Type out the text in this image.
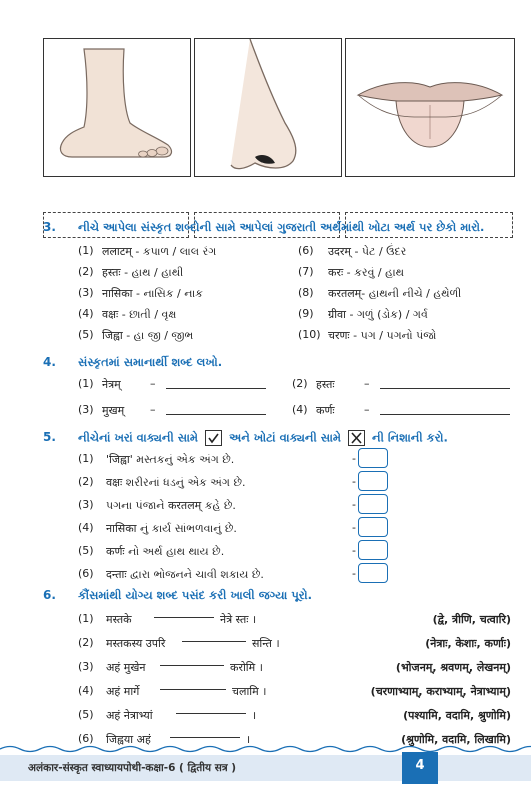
3. નીચે આપેલા સંસ્કૃત શબ્દોની સામે આપેલાં ગુજરાતી અર્થમાંથી ખોટા અર્થ પર છેકો મારો.
(1) ललाटम् - કપાળ / લાલ રંગ	(6) उदरम् - પેટ / ઉંદર
(2) हस्तः - હાથ / હાથી	(7) करः - કરવું / હાથ
(3) नासिका - નાસિક / નાક	(8) करतलम्- હાથની નીચે / હથેળી
(4) वक्षः - છાતી / વૃક્ષ	(9) ग्रीवा - ગળું (ડોક) / ગર્વ
(5) जिह्वा - હા જી / જીભ	(10) चरणः - પગ / પગનો પંજો
4. સંસ્કૃતમાં સમાનાર્થી શબ્દ લખો.
(1) नेत्रम्	–	(2) हस्तः	–
(3) मुखम् –	(4) कर्णः	–
5. નીચેનાં ખરાં વાક્યની સામે	અને ખોટાં વાક્યની સામે	ની નિશાની કરો.
(1) 'जिह्वा' મસ્તકનું એક અંગ છે.	-
(2) वक्षः શરીરનાં ધડનું એક અંગ છે.	-
(3) પગના પંજાને करतलम् કહે છે.	-
(4) नासिका નું કાર્ય સાંભળવાનું છે.	-
(5) कर्णः નો અર્થ હાથ થાય છે.	-
(6) दन्ताः દ્વારા ભોજનને ચાવી શકાય છે.	-
6. કૌંસમાંથી યોગ્ય શબ્દ પસંદ કરી ખાલી જગ્યા પૂરો.
(1) मस्तके	नेत्रे स्तः ।	(द्वे, त्रीणि, चत्वारि)
(2) मस्तकस्य उपरि	सन्ति ।	(नेत्राः, केशाः, कर्णाः)
(3) अहं मुखेन	करोमि ।	(भोजनम्, श्रवणम्, लेखनम्)
(4) अहं मार्गे	चलामि ।	(चरणाभ्याम्, कराभ्याम्, नेत्राभ्याम्)
(5) अहं नेत्राभ्यां	।	(पश्यामि, वदामि, श्रुणोमि)
(6) जिह्वया अहं	।	(श्रुणोमि, वदामि, लिखामि)
अलंकार-संस्कृत स्वाध्यायपोथी-कक्षा-6 ( द्वितीय सत्र )	4
